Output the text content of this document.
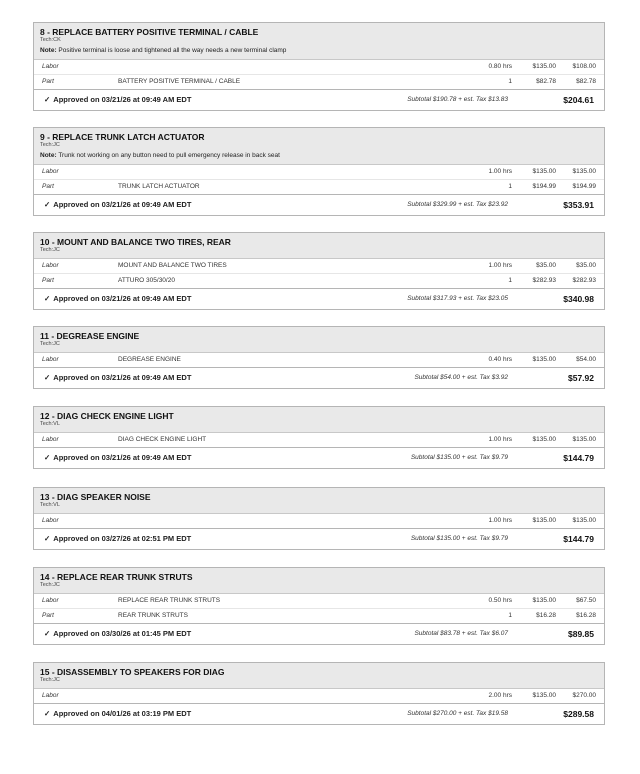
8 - REPLACE BATTERY POSITIVE TERMINAL / CABLE
Tech:CK
Note: Positive terminal is loose and tightened all the way needs a new terminal clamp
Labor	0.80 hrs	$135.00	$108.00
Part	BATTERY POSITIVE TERMINAL / CABLE	1	$82.78	$82.78
✓ Approved on 03/21/26 at 09:49 AM EDT	Subtotal $190.78 + est. Tax $13.83	$204.61
9 - REPLACE TRUNK LATCH ACTUATOR
Tech:JC
Note: Trunk not working on any button need to pull emergency release in back seat
Labor	1.00 hrs	$135.00	$135.00
Part	TRUNK LATCH ACTUATOR	1	$194.99	$194.99
✓ Approved on 03/21/26 at 09:49 AM EDT	Subtotal $329.99 + est. Tax $23.92	$353.91
10 - MOUNT AND BALANCE TWO TIRES, REAR
Tech:JC
Labor	MOUNT AND BALANCE TWO TIRES	1.00 hrs	$35.00	$35.00
Part	ATTURO 305/30/20	1	$282.93	$282.93
✓ Approved on 03/21/26 at 09:49 AM EDT	Subtotal $317.93 + est. Tax $23.05	$340.98
11 - DEGREASE ENGINE
Tech:JC
Labor	DEGREASE ENGINE	0.40 hrs	$135.00	$54.00
✓ Approved on 03/21/26 at 09:49 AM EDT	Subtotal $54.00 + est. Tax $3.92	$57.92
12 - DIAG CHECK ENGINE LIGHT
Tech:VL
Labor	DIAG CHECK ENGINE LIGHT	1.00 hrs	$135.00	$135.00
✓ Approved on 03/21/26 at 09:49 AM EDT	Subtotal $135.00 + est. Tax $9.79	$144.79
13 - DIAG SPEAKER NOISE
Tech:VL
Labor	1.00 hrs	$135.00	$135.00
✓ Approved on 03/27/26 at 02:51 PM EDT	Subtotal $135.00 + est. Tax $9.79	$144.79
14 - REPLACE REAR TRUNK STRUTS
Tech:JC
Labor	REPLACE REAR TRUNK STRUTS	0.50 hrs	$135.00	$67.50
Part	REAR TRUNK STRUTS	1	$16.28	$16.28
✓ Approved on 03/30/26 at 01:45 PM EDT	Subtotal $83.78 + est. Tax $6.07	$89.85
15 - DISASSEMBLY TO SPEAKERS FOR DIAG
Tech:JC
Labor	2.00 hrs	$135.00	$270.00
✓ Approved on 04/01/26 at 03:19 PM EDT	Subtotal $270.00 + est. Tax $19.58	$289.58
